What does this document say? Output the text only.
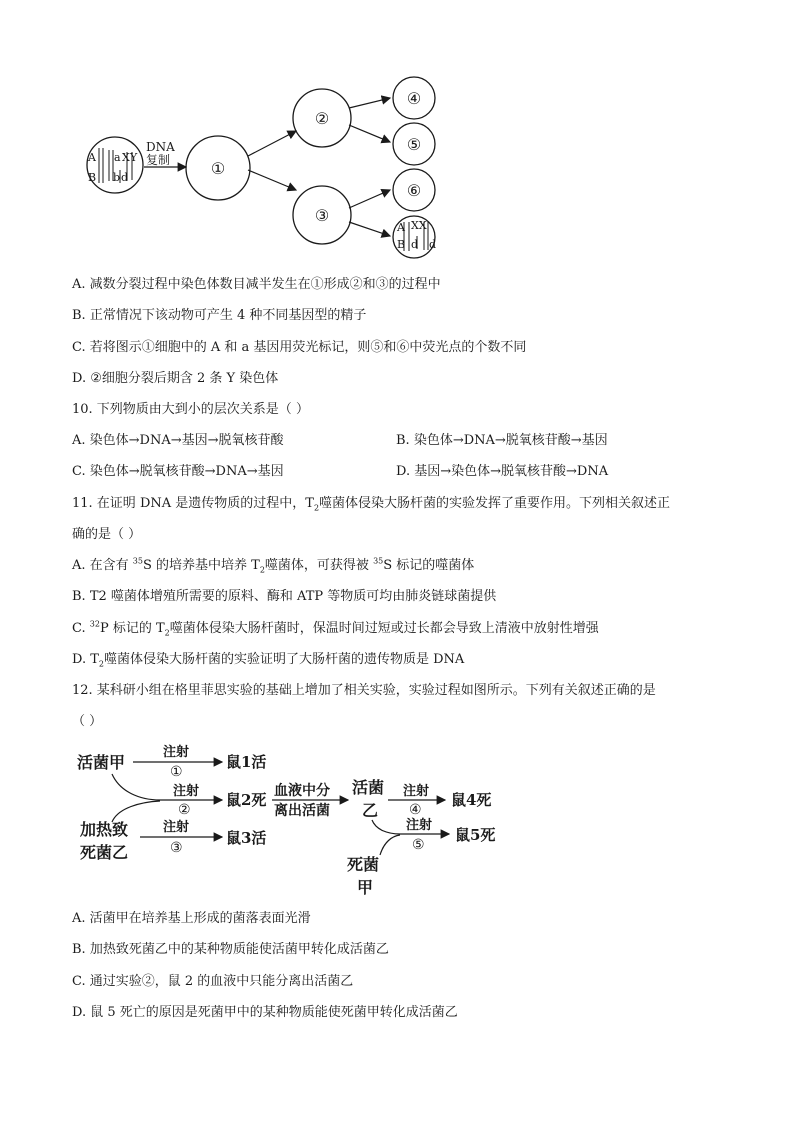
A a X Y
B b d
DNA
复制	①
②
③
④
⑤
⑥
A XX
B d d
A. 减数分裂过程中染色体数目减半发生在①形成②和③的过程中
B. 正常情况下该动物可产生 4 种不同基因型的精子
C. 若将图示①细胞中的 A 和 a 基因用荧光标记，则⑤和⑥中荧光点的个数不同
D. ②细胞分裂后期含 2 条 Y 染色体
10. 下列物质由大到小的层次关系是（ ）
A. 染色体→DNA→基因→脱氧核苷酸	B. 染色体→DNA→脱氧核苷酸→基因
C. 染色体→脱氧核苷酸→DNA→基因	D. 基因→染色体→脱氧核苷酸→DNA
11. 在证明 DNA 是遗传物质的过程中，$T_2$噬菌体侵染大肠杆菌的实验发挥了重要作用。下列相关叙述正
确的是（ ）
A. 在含有 $^{35}$S 的培养基中培养 $T_2$噬菌体，可获得被 $^{35}$S 标记的噬菌体
B. T2 噬菌体增殖所需要的原料、酶和 ATP 等物质可均由肺炎链球菌提供
C. $^{32}$P 标记的 $T_2$噬菌体侵染大肠杆菌时，保温时间过短或过长都会导致上清液中放射性增强
D. $T_2$噬菌体侵染大肠杆菌的实验证明了大肠杆菌的遗传物质是 DNA
12. 某科研小组在格里菲思实验的基础上增加了相关实验，实验过程如图所示。下列有关叙述正确的是
（ ）
活菌甲
注射
①
鼠1活
注射
②
鼠2死
加热致
死菌乙
注射
③
鼠3活
血液中分
离出活菌
活菌
乙
注射
④
鼠4死
注射
⑤
鼠5死
死菌
甲
A. 活菌甲在培养基上形成的菌落表面光滑
B. 加热致死菌乙中的某种物质能使活菌甲转化成活菌乙
C. 通过实验②，鼠 2 的血液中只能分离出活菌乙
D. 鼠 5 死亡的原因是死菌甲中的某种物质能使死菌甲转化成活菌乙
